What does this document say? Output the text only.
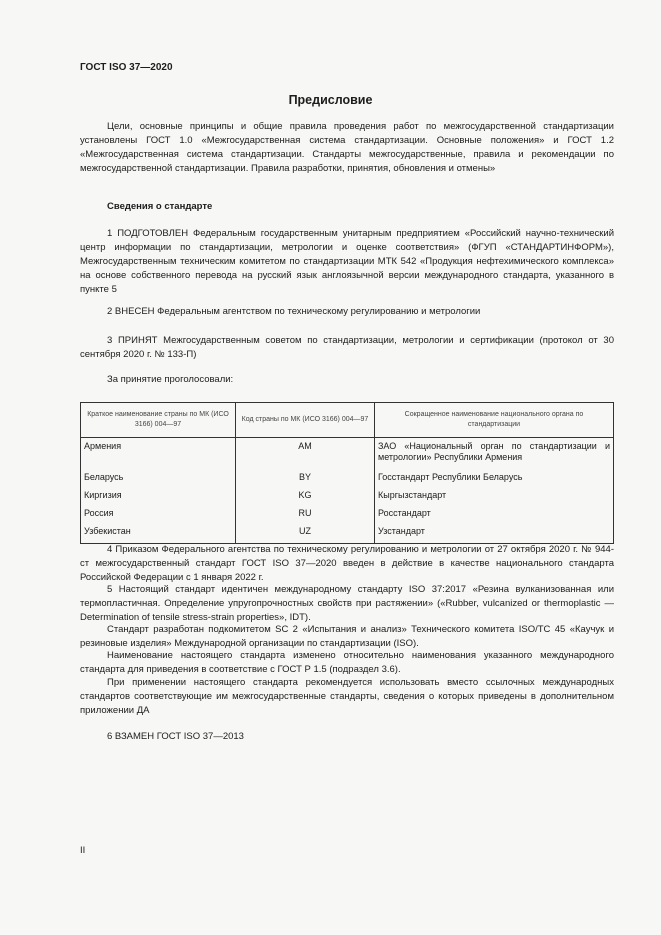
ГОСТ ISO 37—2020
Предисловие

Цели, основные принципы и общие правила проведения работ по межгосударственной стандартизации установлены ГОСТ 1.0 «Межгосударственная система стандартизации. Основные положения» и ГОСТ 1.2 «Межгосударственная система стандартизации. Стандарты межгосударственные, правила и рекомендации по межгосударственной стандартизации. Правила разработки, принятия, обновления и отмены»

Сведения о стандарте

1 ПОДГОТОВЛЕН Федеральным государственным унитарным предприятием «Российский научно-технический центр информации по стандартизации, метрологии и оценке соответствия» (ФГУП «СТАНДАРТИНФОРМ»), Межгосударственным техническим комитетом по стандартизации МТК 542 «Продукция нефтехимического комплекса» на основе собственного перевода на русский язык англоязычной версии международного стандарта, указанного в пункте 5

2 ВНЕСЕН Федеральным агентством по техническому регулированию и метрологии

3 ПРИНЯТ Межгосударственным советом по стандартизации, метрологии и сертификации (протокол от 30 сентября 2020 г. № 133-П)

За принятие проголосовали:
Краткое наименование страны по МК (ИСО 3166) 004—97	Код страны по МК (ИСО 3166) 004—97	Сокращенное наименование национального органа по стандартизации
Армения	AM	ЗАО «Национальный орган по стандартизации и метрологии» Республики Армения
Беларусь	BY	Госстандарт Республики Беларусь
Киргизия	KG	Кыргызстандарт
Россия	RU	Росстандарт
Узбекистан	UZ	Узстандарт

4 Приказом Федерального агентства по техническому регулированию и метрологии от 27 октября 2020 г. № 944-ст межгосударственный стандарт ГОСТ ISO 37—2020 введен в действие в качестве национального стандарта Российской Федерации с 1 января 2022 г.

5 Настоящий стандарт идентичен международному стандарту ISO 37:2017 «Резина вулканизованная или термопластичная. Определение упругопрочностных свойств при растяжении» («Rubber, vulcanized or thermoplastic — Determination of tensile stress-strain properties», IDT).

Стандарт разработан подкомитетом SC 2 «Испытания и анализ» Технического комитета ISO/TC 45 «Каучук и резиновые изделия» Международной организации по стандартизации (ISO).

Наименование настоящего стандарта изменено относительно наименования указанного международного стандарта для приведения в соответствие с ГОСТ Р 1.5 (подраздел 3.6).

При применении настоящего стандарта рекомендуется использовать вместо ссылочных международных стандартов соответствующие им межгосударственные стандарты, сведения о которых приведены в дополнительном приложении ДА

6 ВЗАМЕН ГОСТ ISO 37—2013
II
